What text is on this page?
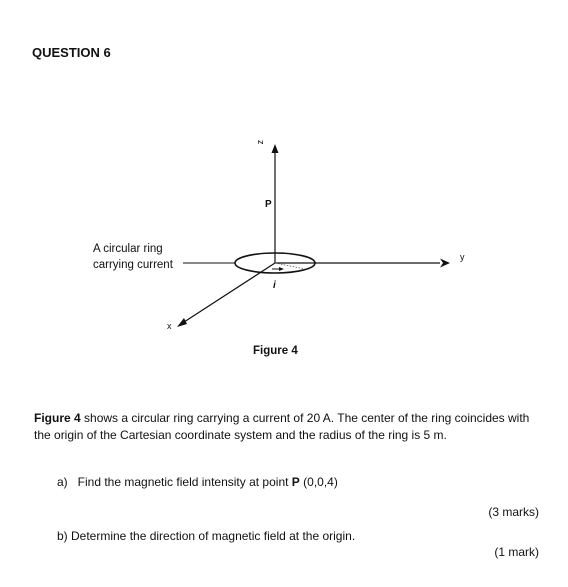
QUESTION 6
z
P
y
x
i
A circular ring
carrying current
Figure 4
Figure 4 shows a circular ring carrying a current of 20 A. The center of the ring coincides with the origin of the Cartesian coordinate system and the radius of the ring is 5 m.
a)   Find the magnetic field intensity at point P (0,0,4)
(3 marks)
b) Determine the direction of magnetic field at the origin.
(1 mark)
